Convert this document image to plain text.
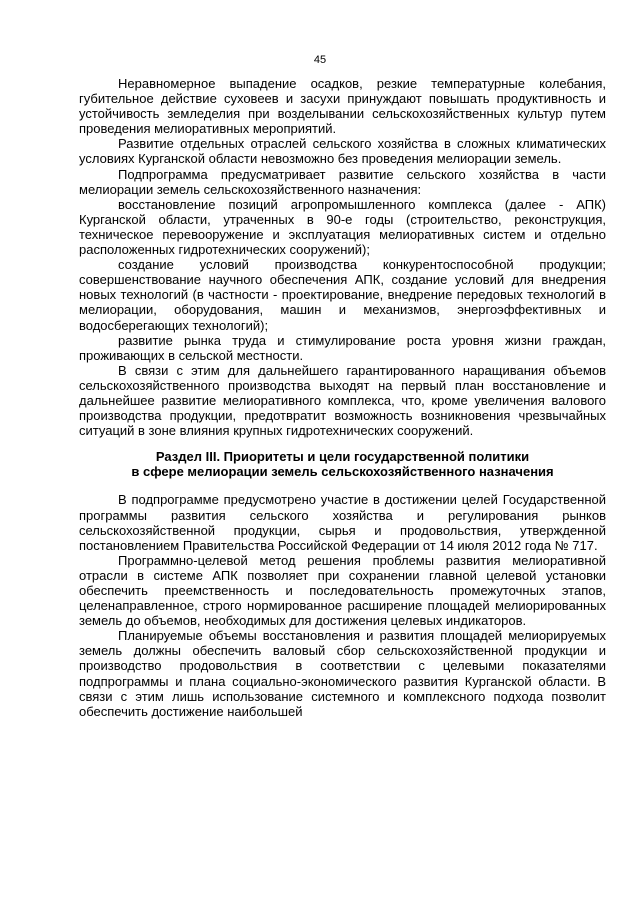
45

Неравномерное выпадение осадков, резкие температурные колебания, губительное действие суховеев и засухи принуждают повышать продуктивность и устойчивость земледелия при возделывании сельскохозяйственных культур путем проведения мелиоративных мероприятий.

Развитие отдельных отраслей сельского хозяйства в сложных климатических условиях Курганской области невозможно без проведения мелиорации земель.

Подпрограмма предусматривает развитие сельского хозяйства в части мелиорации земель сельскохозяйственного назначения:

восстановление позиций агропромышленного комплекса (далее - АПК) Курганской области, утраченных в 90-е годы (строительство, реконструкция, техническое перевооружение и эксплуатация мелиоративных систем и отдельно расположенных гидротехнических сооружений);

создание условий производства конкурентоспособной продукции; совершенствование научного обеспечения АПК, создание условий для внедрения новых технологий (в частности - проектирование, внедрение передовых технологий в мелиорации, оборудования, машин и механизмов, энергоэффективных и водосберегающих технологий);

развитие рынка труда и стимулирование роста уровня жизни граждан, проживающих в сельской местности.

В связи с этим для дальнейшего гарантированного наращивания объемов сельскохозяйственного производства выходят на первый план восстановление и дальнейшее развитие мелиоративного комплекса, что, кроме увеличения валового производства продукции, предотвратит возможность возникновения чрезвычайных ситуаций в зоне влияния крупных гидротехнических сооружений.

Раздел III. Приоритеты и цели государственной политики

в сфере мелиорации земель сельскохозяйственного назначения

В подпрограмме предусмотрено участие в достижении целей Государственной программы развития сельского хозяйства и регулирования рынков сельскохозяйственной продукции, сырья и продовольствия, утвержденной постановлением Правительства Российской Федерации от 14 июля 2012 года № 717.

Программно-целевой метод решения проблемы развития мелиоративной отрасли в системе АПК позволяет при сохранении главной целевой установки обеспечить преемственность и последовательность промежуточных этапов, целенаправленное, строго нормированное расширение площадей мелиорированных земель до объемов, необходимых для достижения целевых индикаторов.

Планируемые объемы восстановления и развития площадей мелиорируемых земель должны обеспечить валовый сбор сельскохозяйственной продукции и производство продовольствия в соответствии с целевыми показателями подпрограммы и плана социально-экономического развития Курганской области. В связи с этим лишь использование системного и комплексного подхода позволит обеспечить достижение наибольшей
